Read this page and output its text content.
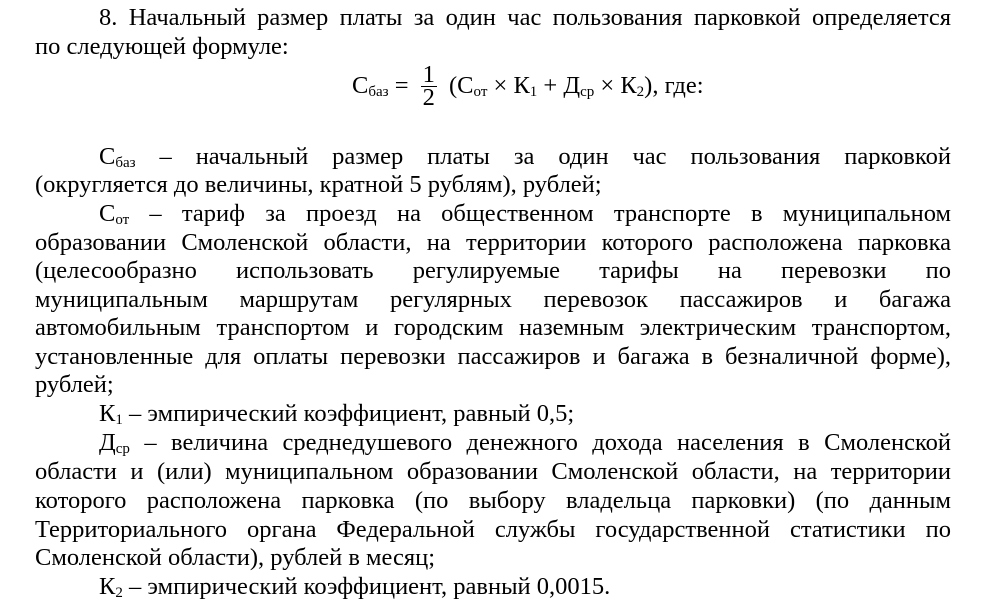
8. Начальный размер платы за один час пользования парковкой определяется
по следующей формуле:
$С_{баз} = \frac{1}{2} (С_{от} \times К_1 + Д_{ср} \times К_2)$, где:
$С_{баз}$ – начальный размер платы за один час пользования парковкой
(округляется до величины, кратной 5 рублям), рублей;
$С_{от}$ – тариф за проезд на общественном транспорте в муниципальном
образовании Смоленской области, на территории которого расположена парковка
(целесообразно использовать регулируемые тарифы на перевозки по
муниципальным маршрутам регулярных перевозок пассажиров и багажа
автомобильным транспортом и городским наземным электрическим транспортом,
установленные для оплаты перевозки пассажиров и багажа в безналичной форме),
рублей;
$К_1$ – эмпирический коэффициент, равный 0,5;
$Д_{ср}$ – величина среднедушевого денежного дохода населения в Смоленской
области и (или) муниципальном образовании Смоленской области, на территории
которого расположена парковка (по выбору владельца парковки) (по данным
Территориального органа Федеральной службы государственной статистики по
Смоленской области), рублей в месяц;
$К_2$ – эмпирический коэффициент, равный 0,0015.
